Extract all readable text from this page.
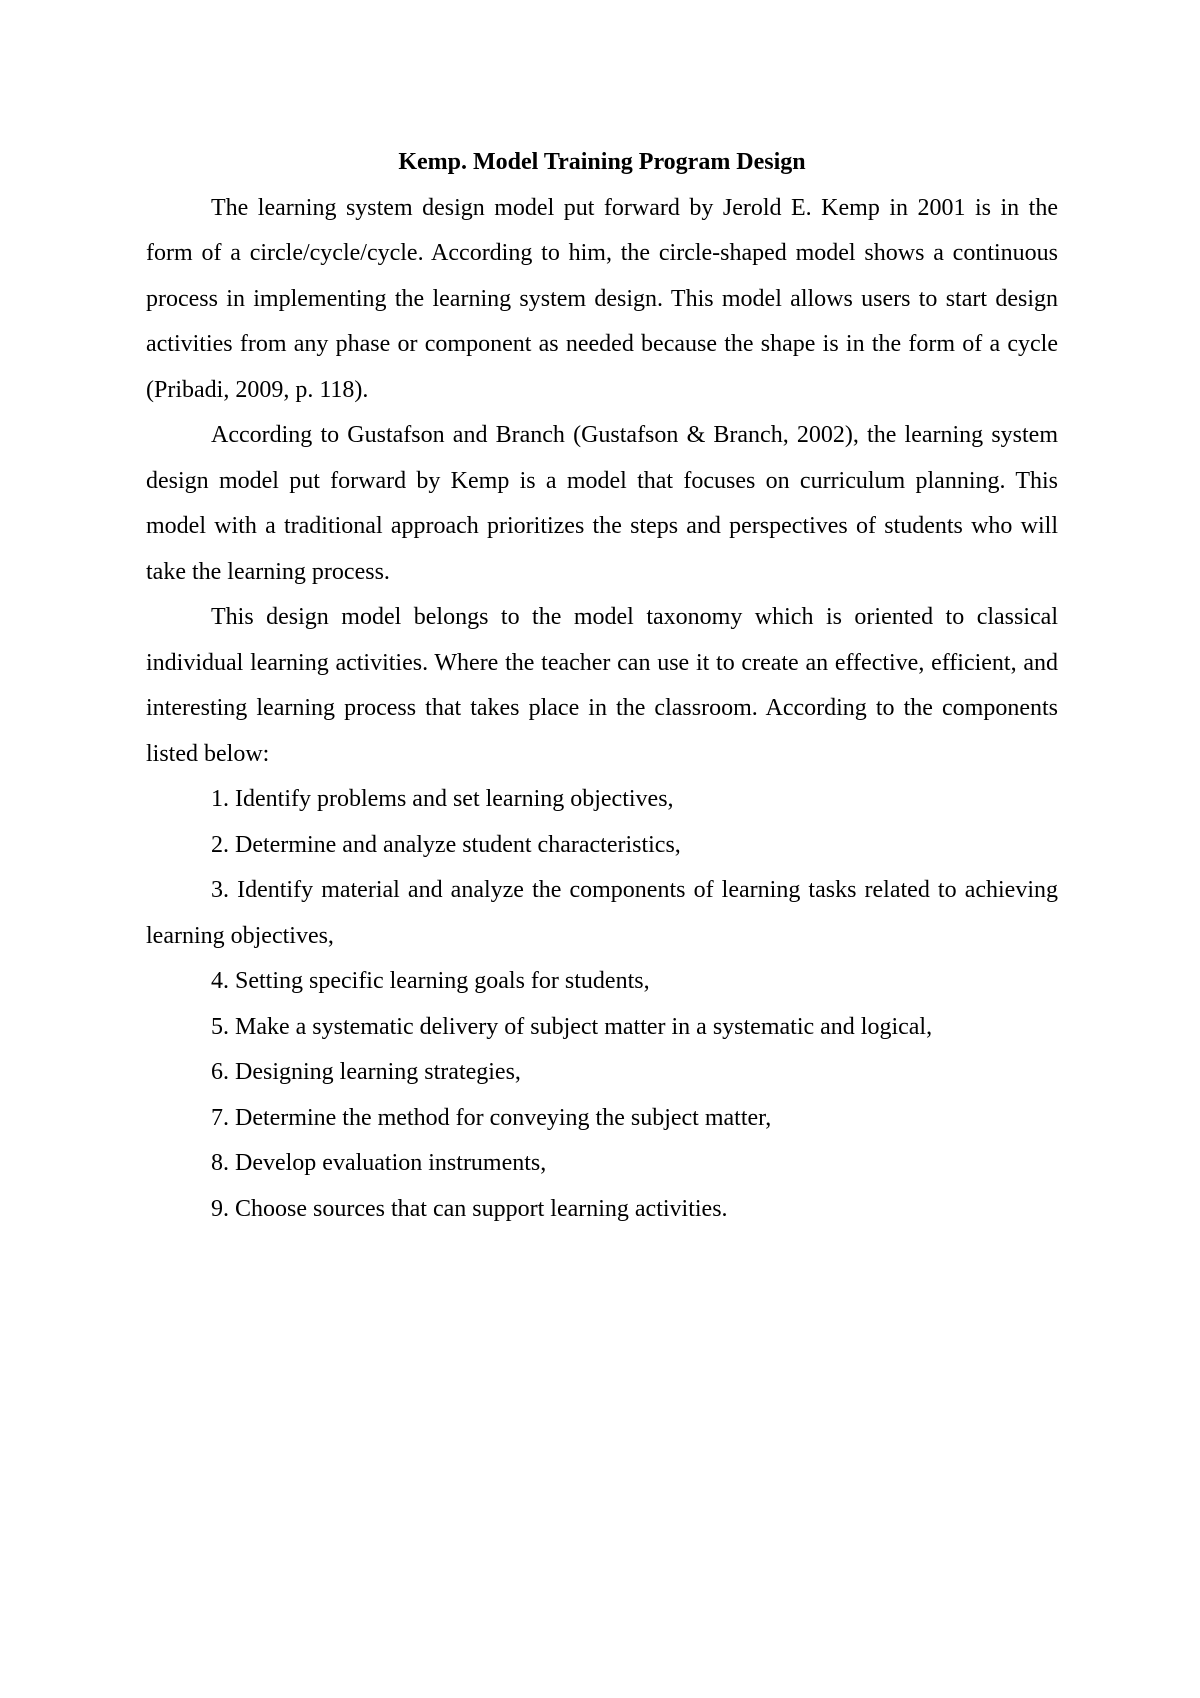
Kemp. Model Training Program Design

The learning system design model put forward by Jerold E. Kemp in 2001 is in the form of a circle/cycle/cycle. According to him, the circle-shaped model shows a continuous process in implementing the learning system design. This model allows users to start design activities from any phase or component as needed because the shape is in the form of a cycle (Pribadi, 2009, p. 118).

According to Gustafson and Branch (Gustafson & Branch, 2002), the learning system design model put forward by Kemp is a model that focuses on curriculum planning. This model with a traditional approach prioritizes the steps and perspectives of students who will take the learning process.

This design model belongs to the model taxonomy which is oriented to classical individual learning activities. Where the teacher can use it to create an effective, efficient, and interesting learning process that takes place in the classroom. According to the components listed below:

1. Identify problems and set learning objectives,

2. Determine and analyze student characteristics,

3. Identify material and analyze the components of learning tasks related to achieving learning objectives,

4. Setting specific learning goals for students,

5. Make a systematic delivery of subject matter in a systematic and logical,

6. Designing learning strategies,

7. Determine the method for conveying the subject matter,

8. Develop evaluation instruments,

9. Choose sources that can support learning activities.
